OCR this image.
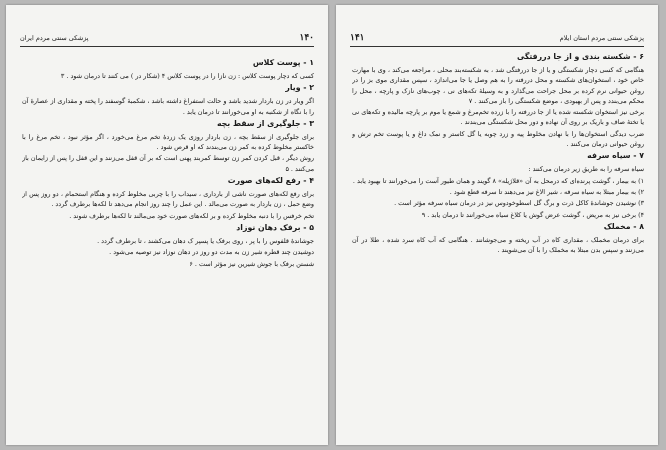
پزشکی سنتی مردم ایران	۱۴۰
۱ - پوست کلاس

کسی که دچار پوست کلاس : زن نازا را در پوست کلاس ۴ (شکار در ) می کنند تا درمان شود . ۳

۲ - ویار

اگر ویار در زن باردار شدید باشد و حالت استفراغ داشته باشد ، شکمبهٔ گوسفند را پخته و مقداری از عصارهٔ آن را با نگاه از شکنبه به او می‌خورانند تا درمان یابد .

۳ - جلوگیری از سقط بچه

برای جلوگیری از سقط بچه ، زن باردار روزی یک زردهٔ تخم مرغ می‌خورد ، اگر مؤثر نبود ، تخم مرغ را با خاکستر مخلوط کرده به کمر زن می‌بندند که او قرص شود .

روش دیگر ، قبل کردن کمر زن توسط کمربند پهنی است که بر آن قفل می‌زنند و این قفل را پس از زایمان باز می‌کنند . ۵

۴ - رفع لکه‌های صورت

برای رفع لکه‌های صورت ناشی از بارداری ، سیداب را با چربی مخلوط کرده و هنگام استحمام ، دو روز پس از وضع حمل ، زن باردار به صورت می‌مالد . این عمل را چند روز انجام می‌دهد تا لکه‌ها برطرف گردد .

تخم خرفس را با دنبه مخلوط کرده و بر لکه‌های صورت خود می‌مالند تا لکه‌ها برطرف شوند .

۵ - برفک دهان نوزاد

جوشاندهٔ قلفوس را با پر ، روی برفک یا پسپر ک دهان می‌کشند ، تا برطرف گردد .

دوشیدن چند قطره شیر زن به مدت دو روز در دهان نوزاد نیز توصیه می‌شود .

شستن برفک با جوش شیرین نیز مؤثر است . ۶

۱۴۱	پزشکی سنتی مردم استان ایلام
۶ - شکسته بندی و از جا دررفتگی

هنگامی که کسی دچار شکستگی و یا از جا دررفتگی شد ، به شکسته‌بند محلی ، مراجعه می‌کند ، وی با مهارت خاص خود ، استخوان‌های شکسته و محل دررفته را به هم وصل یا جا می‌اندازد ، سپس مقداری موی بز را در روغن حیوانی نرم کرده بر محل جراحت می‌گذارد و به وسیلهٔ تکه‌های نی ، چوب‌های نازک و پارچه ، محل را محکم می‌بندد و پس از بهبودی ، موضع شکستگی را باز می‌کنند . ۷

برخی نیز استخوان شکسته شده یا از جا دررفته را با زرده تخم‌مرغ و شمع یا موم بر پارچه مالیده و تکه‌های نی یا تختهٔ صاف و باریک بر روی آن نهاده و دور محل شکستگی می‌بندند .

ضرب دیدگی استخوان‌ها را با نهادن مخلوط پیه و زرد چوبه یا گل کاستر و نمک داغ و یا پوست تخم ترش و روغن حیوانی درمان می‌کنند .

۷ - سیاه سرفه

سیاه سرفه را به طریق زیر درمان می‌کنند :

۱) به بیمار ، گوشت پرنده‌ای که درمحل به آن «قلاژیله» ۸ گویند و همان طیور آست را می‌خورانند تا بهبود یابد .

۲) به بیمار مبتلا به سیاه سرفه ، شیر الاغ نیز می‌دهند تا سرفه قطع شود .

۳) نوشیدن جوشاندهٔ کاکل ذرت و برگ گل اسطوخودوس نیز در درمان سیاه سرفه مؤثر است .

۴) برخی نیز به مریض ، گوشت عرض گوش یا کلاغ سیاه می‌خورانند تا درمان یابد . ۹

۸ - مخملک

برای درمان مخملک ، مقداری کاه در آب ریخته و می‌جوشانند . هنگامی که آب کاه سرد شده ، طلا در آن می‌زنند و سپس بدن مبتلا به مخملک را با آن می‌شویند .
